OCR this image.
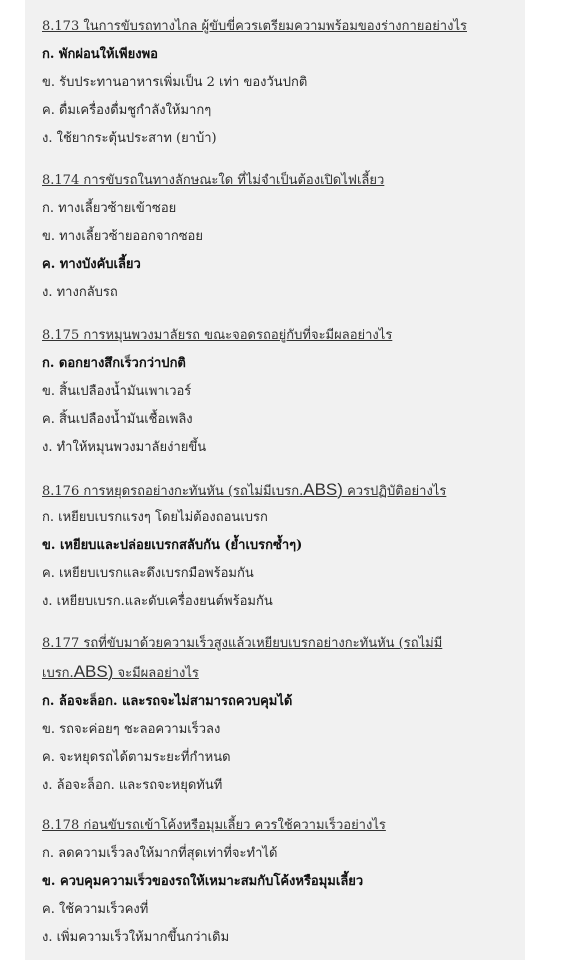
8.173 ในการขับรถทางไกล ผู้ขับขี่ควรเตรียมความพร้อมของร่างกายอย่างไร
ก. พักผ่อนให้เพียงพอ
ข. รับประทานอาหารเพิ่มเป็น 2 เท่า ของวันปกติ
ค. ดื่มเครื่องดื่มชูกำลังให้มากๆ
ง. ใช้ยากระตุ้นประสาท (ยาบ้า)
8.174 การขับรถในทางลักษณะใด ที่ไม่จำเป็นต้องเปิดไฟเลี้ยว
ก. ทางเลี้ยวซ้ายเข้าซอย
ข. ทางเลี้ยวซ้ายออกจากซอย
ค. ทางบังคับเลี้ยว
ง. ทางกลับรถ
8.175 การหมุนพวงมาลัยรถ ขณะจอดรถอยู่กับที่จะมีผลอย่างไร
ก. ดอกยางสึกเร็วกว่าปกติ
ข. สิ้นเปลืองน้ำมันเพาเวอร์
ค. สิ้นเปลืองน้ำมันเชื้อเพลิง
ง. ทำให้หมุนพวงมาลัยง่ายขึ้น
8.176 การหยุดรถอย่างกะทันหัน (รถไม่มีเบรก.ABS) ควรปฏิบัติอย่างไร
ก. เหยียบเบรกแรงๆ โดยไม่ต้องถอนเบรก
ข. เหยียบและปล่อยเบรกสลับกัน (ย้ำเบรกซ้ำๆ)
ค. เหยียบเบรกและดึงเบรกมือพร้อมกัน
ง. เหยียบเบรก.และดับเครื่องยนต์พร้อมกัน
8.177 รถที่ขับมาด้วยความเร็วสูงแล้วเหยียบเบรกอย่างกะทันหัน (รถไม่มีเบรก.ABS) จะมีผลอย่างไร
ก. ล้อจะล็อก. และรถจะไม่สามารถควบคุมได้
ข. รถจะค่อยๆ ชะลอความเร็วลง
ค. จะหยุดรถได้ตามระยะที่กำหนด
ง. ล้อจะล็อก. และรถจะหยุดทันที
8.178 ก่อนขับรถเข้าโค้งหรือมุมเลี้ยว ควรใช้ความเร็วอย่างไร
ก. ลดความเร็วลงให้มากที่สุดเท่าที่จะทำได้
ข. ควบคุมความเร็วของรถให้เหมาะสมกับโค้งหรือมุมเลี้ยว
ค. ใช้ความเร็วคงที่
ง. เพิ่มความเร็วให้มากขึ้นกว่าเดิม
